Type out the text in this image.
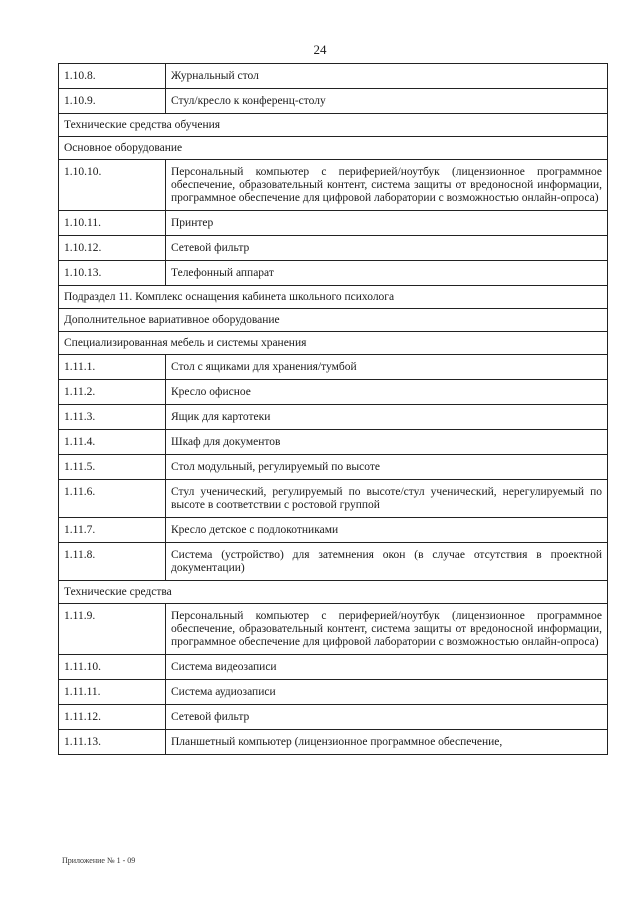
24
1.10.8.	Журнальный стол
1.10.9.	Стул/кресло к конференц-столу
Технические средства обучения	
Основное оборудование	
1.10.10.	Персональный компьютер с периферией/ноутбук (лицензионное программное обеспечение, образовательный контент, система защиты от вредоносной информации, программное обеспечение для цифровой лаборатории с возможностью онлайн-опроса)
1.10.11.	Принтер
1.10.12.	Сетевой фильтр
1.10.13.	Телефонный аппарат
Подраздел 11. Комплекс оснащения кабинета школьного психолога	
Дополнительное вариативное оборудование	
Специализированная мебель и системы хранения	
1.11.1.	Стол с ящиками для хранения/тумбой
1.11.2.	Кресло офисное
1.11.3.	Ящик для картотеки
1.11.4.	Шкаф для документов
1.11.5.	Стол модульный, регулируемый по высоте
1.11.6.	Стул ученический, регулируемый по высоте/стул ученический, нерегулируемый по высоте в соответствии с ростовой группой
1.11.7.	Кресло детское с подлокотниками
1.11.8.	Система (устройство) для затемнения окон (в случае отсутствия в проектной документации)
Технические средства	
1.11.9.	Персональный компьютер с периферией/ноутбук (лицензионное программное обеспечение, образовательный контент, система защиты от вредоносной информации, программное обеспечение для цифровой лаборатории с возможностью онлайн-опроса)
1.11.10.	Система видеозаписи
1.11.11.	Система аудиозаписи
1.11.12.	Сетевой фильтр
1.11.13.	Планшетный компьютер (лицензионное программное обеспечение,
Приложение № 1 - 09
